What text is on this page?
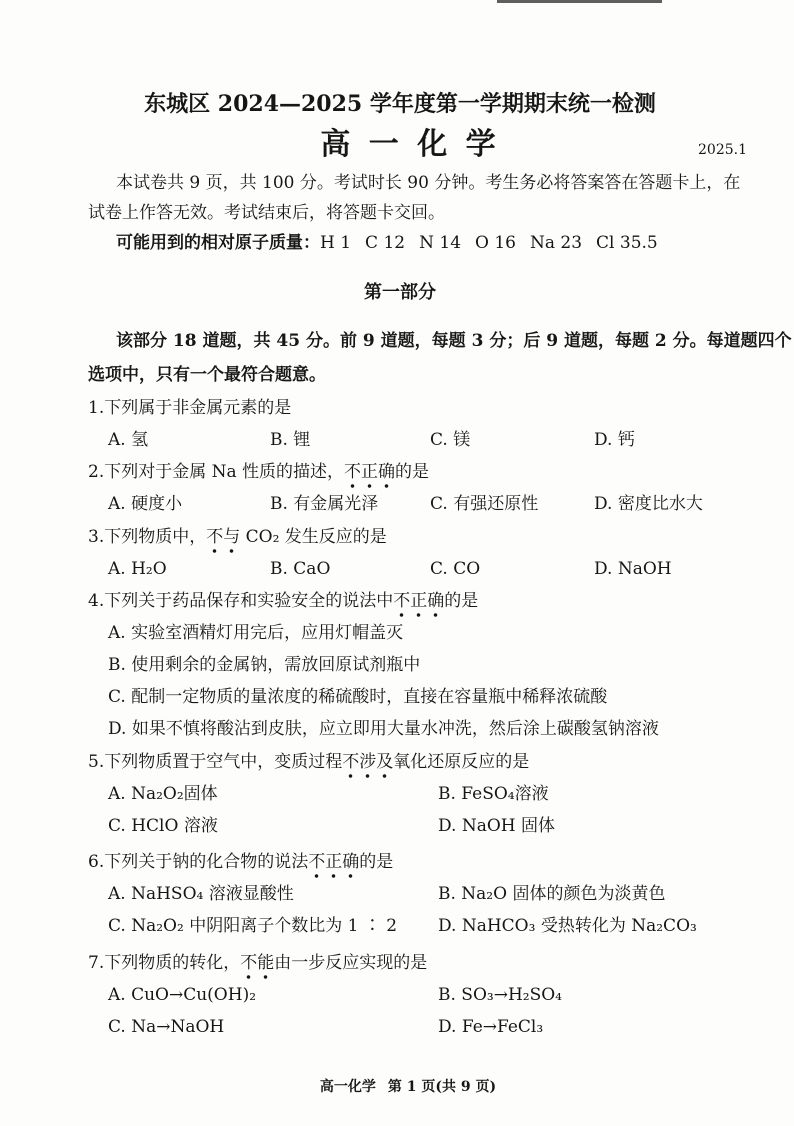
东城区 2024—2025 学年度第一学期期末统一检测
高 一 化 学	2025.1
本试卷共 9 页，共 100 分。考试时长 90 分钟。考生务必将答案答在答题卡上，在
试卷上作答无效。考试结束后，将答题卡交回。
可能用到的相对原子质量：H 1 C 12 N 14 O 16 Na 23 Cl 35.5
第一部分
该部分 18 道题，共 45 分。前 9 道题，每题 3 分；后 9 道题，每题 2 分。每道题四个
选项中，只有一个最符合题意。
1.下列属于非金属元素的是
A. 氢	B. 锂	C. 镁	D. 钙
2.下列对于金属 Na 性质的描述，不正确的是
A. 硬度小	B. 有金属光泽	C. 有强还原性	D. 密度比水大
3.下列物质中，不与 CO₂ 发生反应的是
A. H₂O	B. CaO	C. CO	D. NaOH
4.下列关于药品保存和实验安全的说法中不正确的是
A. 实验室酒精灯用完后，应用灯帽盖灭
B. 使用剩余的金属钠，需放回原试剂瓶中
C. 配制一定物质的量浓度的稀硫酸时，直接在容量瓶中稀释浓硫酸
D. 如果不慎将酸沾到皮肤，应立即用大量水冲洗，然后涂上碳酸氢钠溶液
5.下列物质置于空气中，变质过程不涉及氧化还原反应的是
A. Na₂O₂固体	B. FeSO₄溶液
C. HClO 溶液	D. NaOH 固体
6.下列关于钠的化合物的说法不正确的是
A. NaHSO₄ 溶液显酸性	B. Na₂O 固体的颜色为淡黄色
C. Na₂O₂ 中阴阳离子个数比为 1 ∶ 2 D. NaHCO₃ 受热转化为 Na₂CO₃
7.下列物质的转化，不能由一步反应实现的是
A. CuO→Cu(OH)₂	B. SO₃→H₂SO₄
C. Na→NaOH	D. Fe→FeCl₃
高一化学 第 1 页(共 9 页)
